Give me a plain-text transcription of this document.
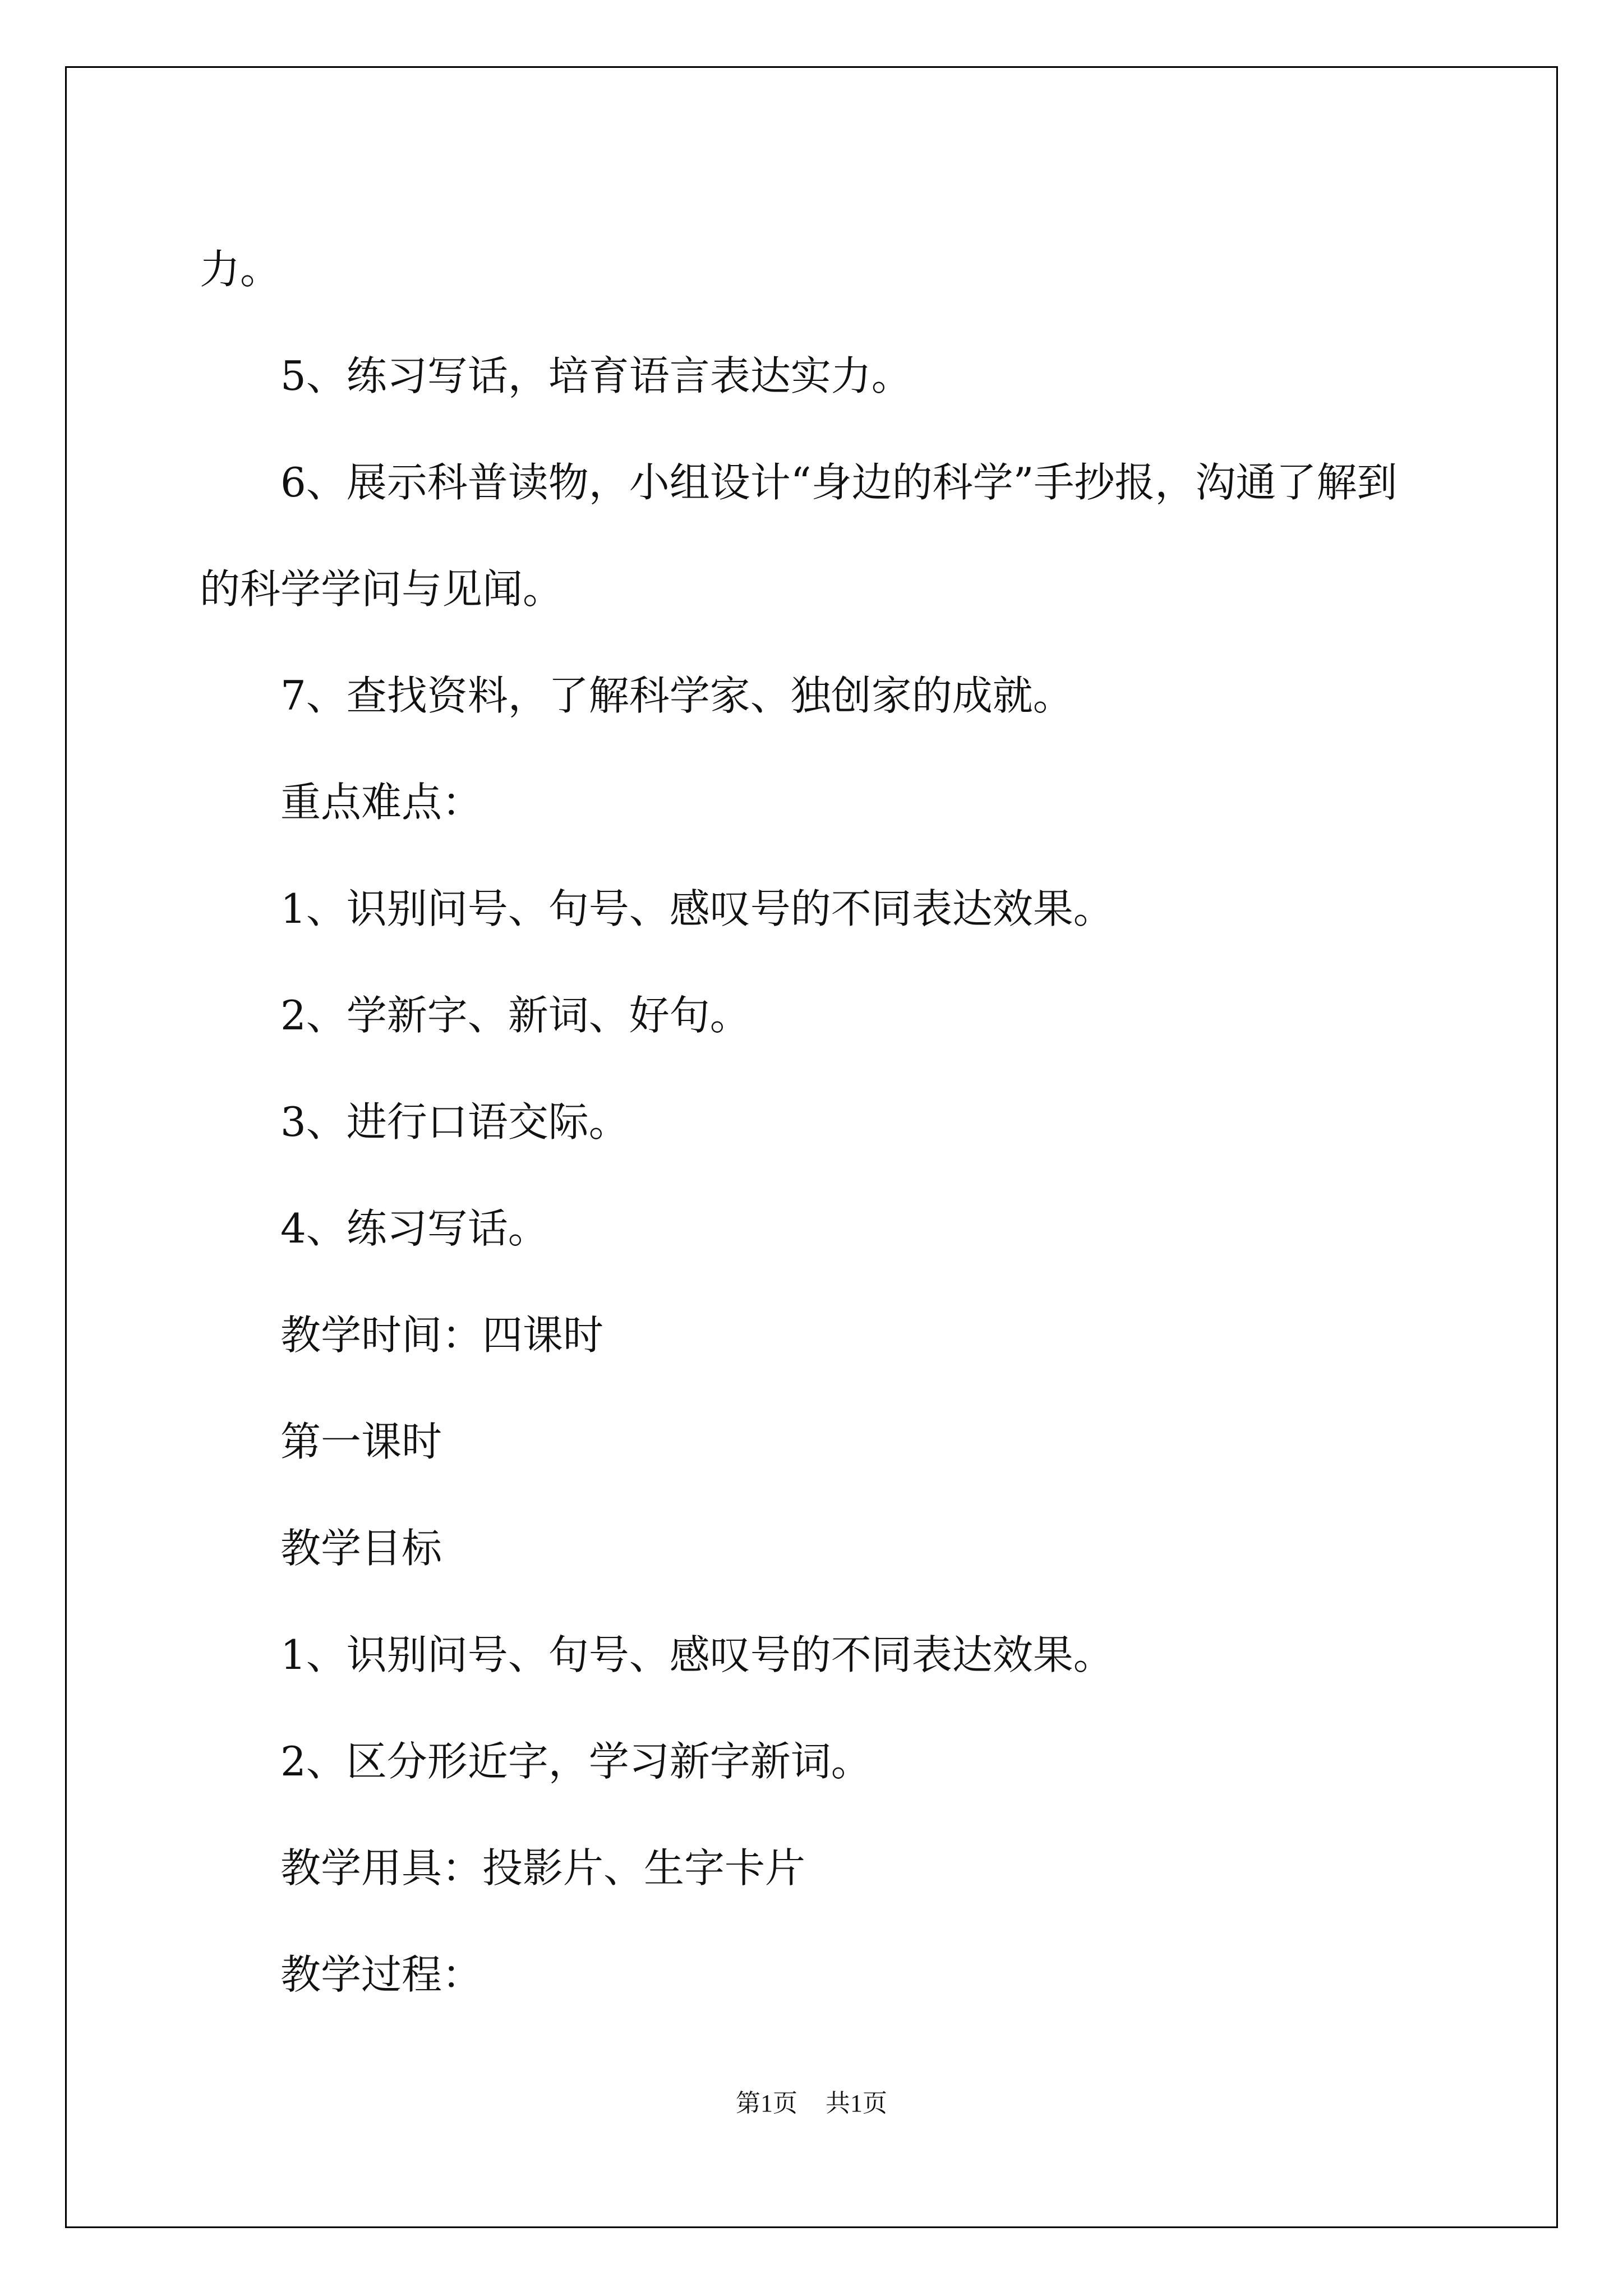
力。

5、练习写话，培育语言表达实力。

6、展示科普读物，小组设计“身边的科学”手抄报，沟通了解到

的科学学问与见闻。

7、查找资料，了解科学家、独创家的成就。

重点难点：

1、识别问号、句号、感叹号的不同表达效果。

2、学新字、新词、好句。

3、进行口语交际。

4、练习写话。

教学时间：四课时

第一课时

教学目标

1、识别问号、句号、感叹号的不同表达效果。

2、区分形近字，学习新字新词。

教学用具：投影片、生字卡片

教学过程：

第1页 共1页
